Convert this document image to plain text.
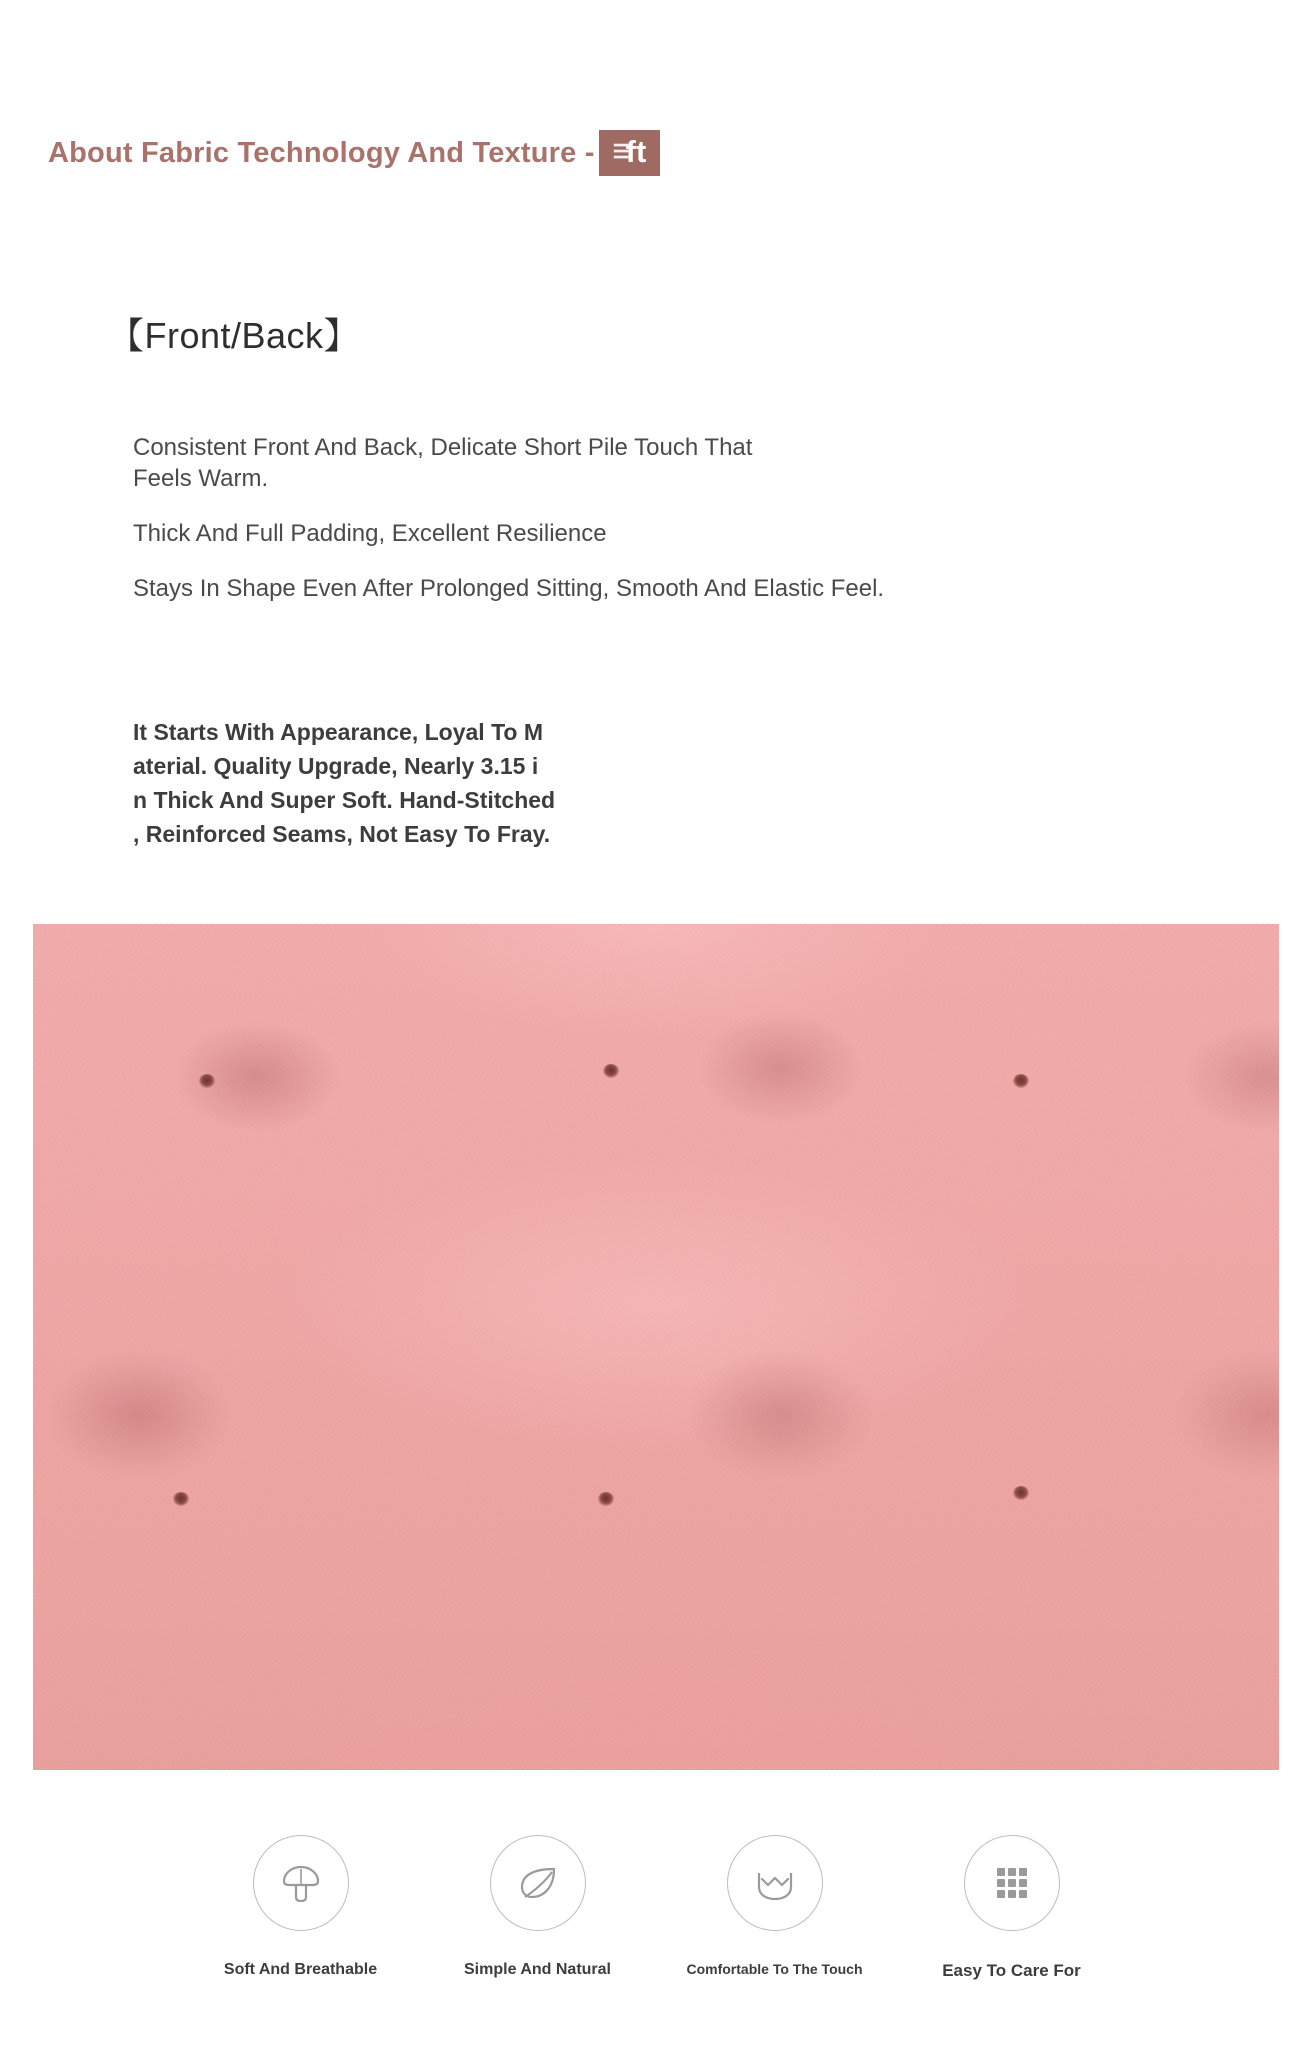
About Fabric Technology And Texture - ☰
ft
【Front/Back】
Consistent Front And Back, Delicate Short Pile Touch That Feels Warm.
Thick And Full Padding, Excellent Resilience
Stays In Shape Even After Prolonged Sitting, Smooth And Elastic Feel.
It Starts With Appearance, Loyal To M
aterial. Quality Upgrade, Nearly 3.15 i
n Thick And Super Soft. Hand-Stitched
, Reinforced Seams, Not Easy To Fray.
Soft And Breathable	Simple And Natural	Comfortable To The Touch	Easy To Care For
